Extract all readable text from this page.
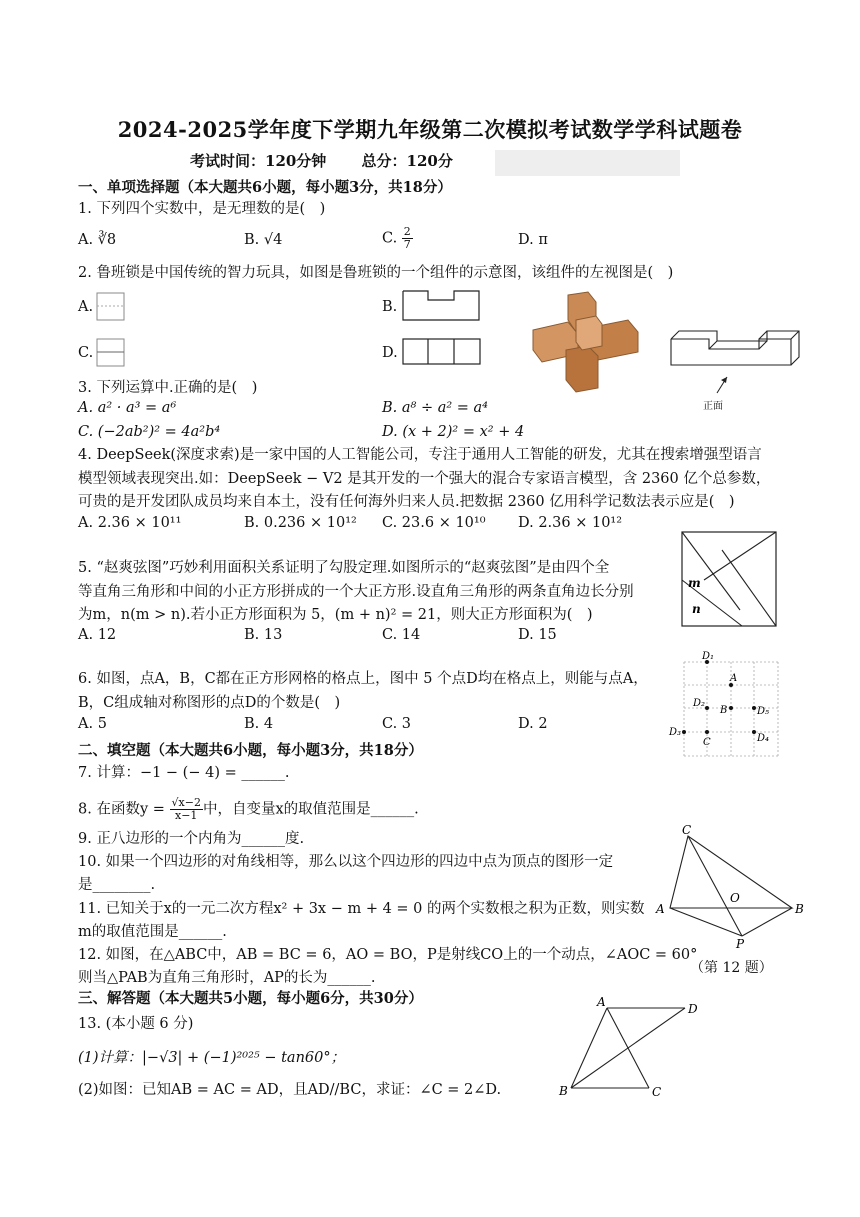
2024-2025学年度下学期九年级第二次模拟考试数学学科试题卷
考试时间：120分钟 总分：120分
一、单项选择题（本大题共6小题，每小题3分，共18分）
1. 下列四个实数中，是无理数的是(　)
A. ∛8	B. √4	C. $\frac{2}{7}$	D. π
2. 鲁班锁是中国传统的智力玩具，如图是鲁班锁的一个组件的示意图，该组件的左视图是(　)
A.	B.
C.	D.
正面
3. 下列运算中.正确的是(　)
A. a² · a³ = a⁶	B. a⁸ ÷ a² = a⁴
C. (−2ab²)² = 4a²b⁴	D. (x + 2)² = x² + 4
4. DeepSeek(深度求索)是一家中国的人工智能公司，专注于通用人工智能的研发，尤其在搜索增强型语言
模型领域表现突出.如：DeepSeek − V2 是其开发的一个强大的混合专家语言模型，含 2360 亿个总参数，
可贵的是开发团队成员均来自本土，没有任何海外归来人员.把数据 2360 亿用科学记数法表示应是(　)
A. 2.36 × 10¹¹	B. 0.236 × 10¹² C. 23.6 × 10¹⁰ D. 2.36 × 10¹²
5. “赵爽弦图”巧妙利用面积关系证明了勾股定理.如图所示的“赵爽弦图”是由四个全
等直角三角形和中间的小正方形拼成的一个大正方形.设直角三角形的两条直角边长分别
为m，n(m > n).若小正方形面积为 5，(m + n)² = 21，则大正方形面积为(　)
A. 12	B. 13	C. 14	D. 15
m
n
6. 如图，点A，B，C都在正方形网格的格点上，图中 5 个点D均在格点上，则能与点A，
B，C组成轴对称图形的点D的个数是(　)
A. 5	B. 4	C. 3	D. 2
D₁
A
D₂
B	D₅
D₃
C	D₄
二、填空题（本大题共6小题，每小题3分，共18分）
7. 计算：−1 − (− 4) = ______.
8. 在函数$y = \frac{√x-2}{x-1}$ 中，自变量x的取值范围是______.
9. 正八边形的一个内角为______度.
10. 如果一个四边形的对角线相等，那么以这个四边形的四边中点为顶点的图形一定
是________.
11. 已知关于x的一元二次方程x² + 3x − m + 4 = 0 的两个实数根之积为正数，则实数
m的取值范围是______.
12. 如图，在△ABC中，AB = BC = 6，AO = BO，P是射线CO上的一个动点，∠AOC = 60°
则当△PAB为直角三角形时，AP的长为______.
C
O
A	B
P
（第 12 题）
三、解答题（本大题共5小题，每小题6分，共30分）
13. (本小题 6 分)
(1)计算：|−√3| + (−1)²⁰²⁵ − tan60°；
(2)如图：已知AB = AC = AD，且AD//BC，求证：∠C = 2∠D.
A	D
B	C
